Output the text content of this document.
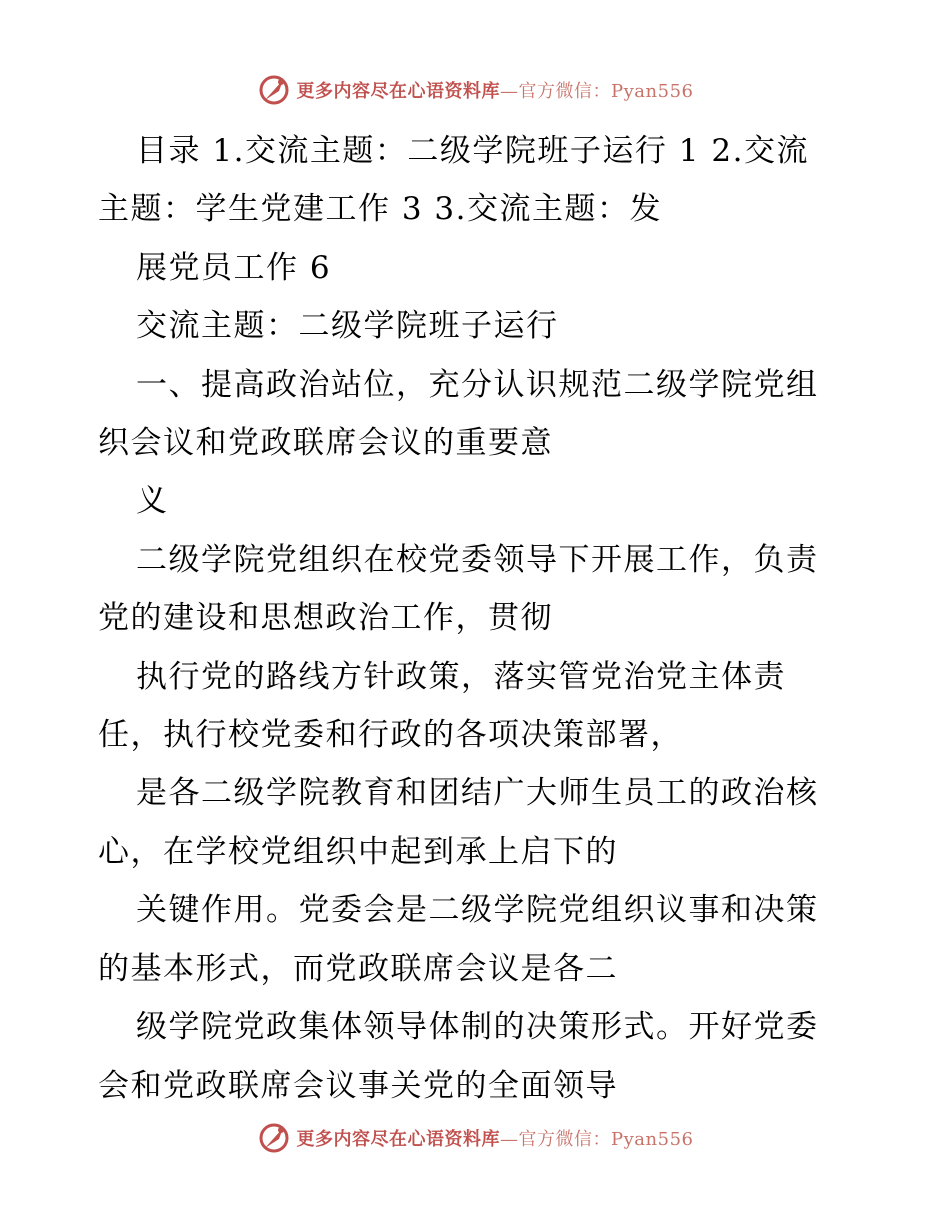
更多内容尽在心语资料库—官方微信：Pyan556

目录 1.交流主题：二级学院班子运行 1 2.交流

主题：学生党建工作 3 3.交流主题：发

展党员工作 6

交流主题：二级学院班子运行

一、提高政治站位，充分认识规范二级学院党组

织会议和党政联席会议的重要意

义

二级学院党组织在校党委领导下开展工作，负责

党的建设和思想政治工作，贯彻

执行党的路线方针政策，落实管党治党主体责

任，执行校党委和行政的各项决策部署，

是各二级学院教育和团结广大师生员工的政治核

心，在学校党组织中起到承上启下的

关键作用。党委会是二级学院党组织议事和决策

的基本形式，而党政联席会议是各二

级学院党政集体领导体制的决策形式。开好党委

会和党政联席会议事关党的全面领导

更多内容尽在心语资料库—官方微信：Pyan556
